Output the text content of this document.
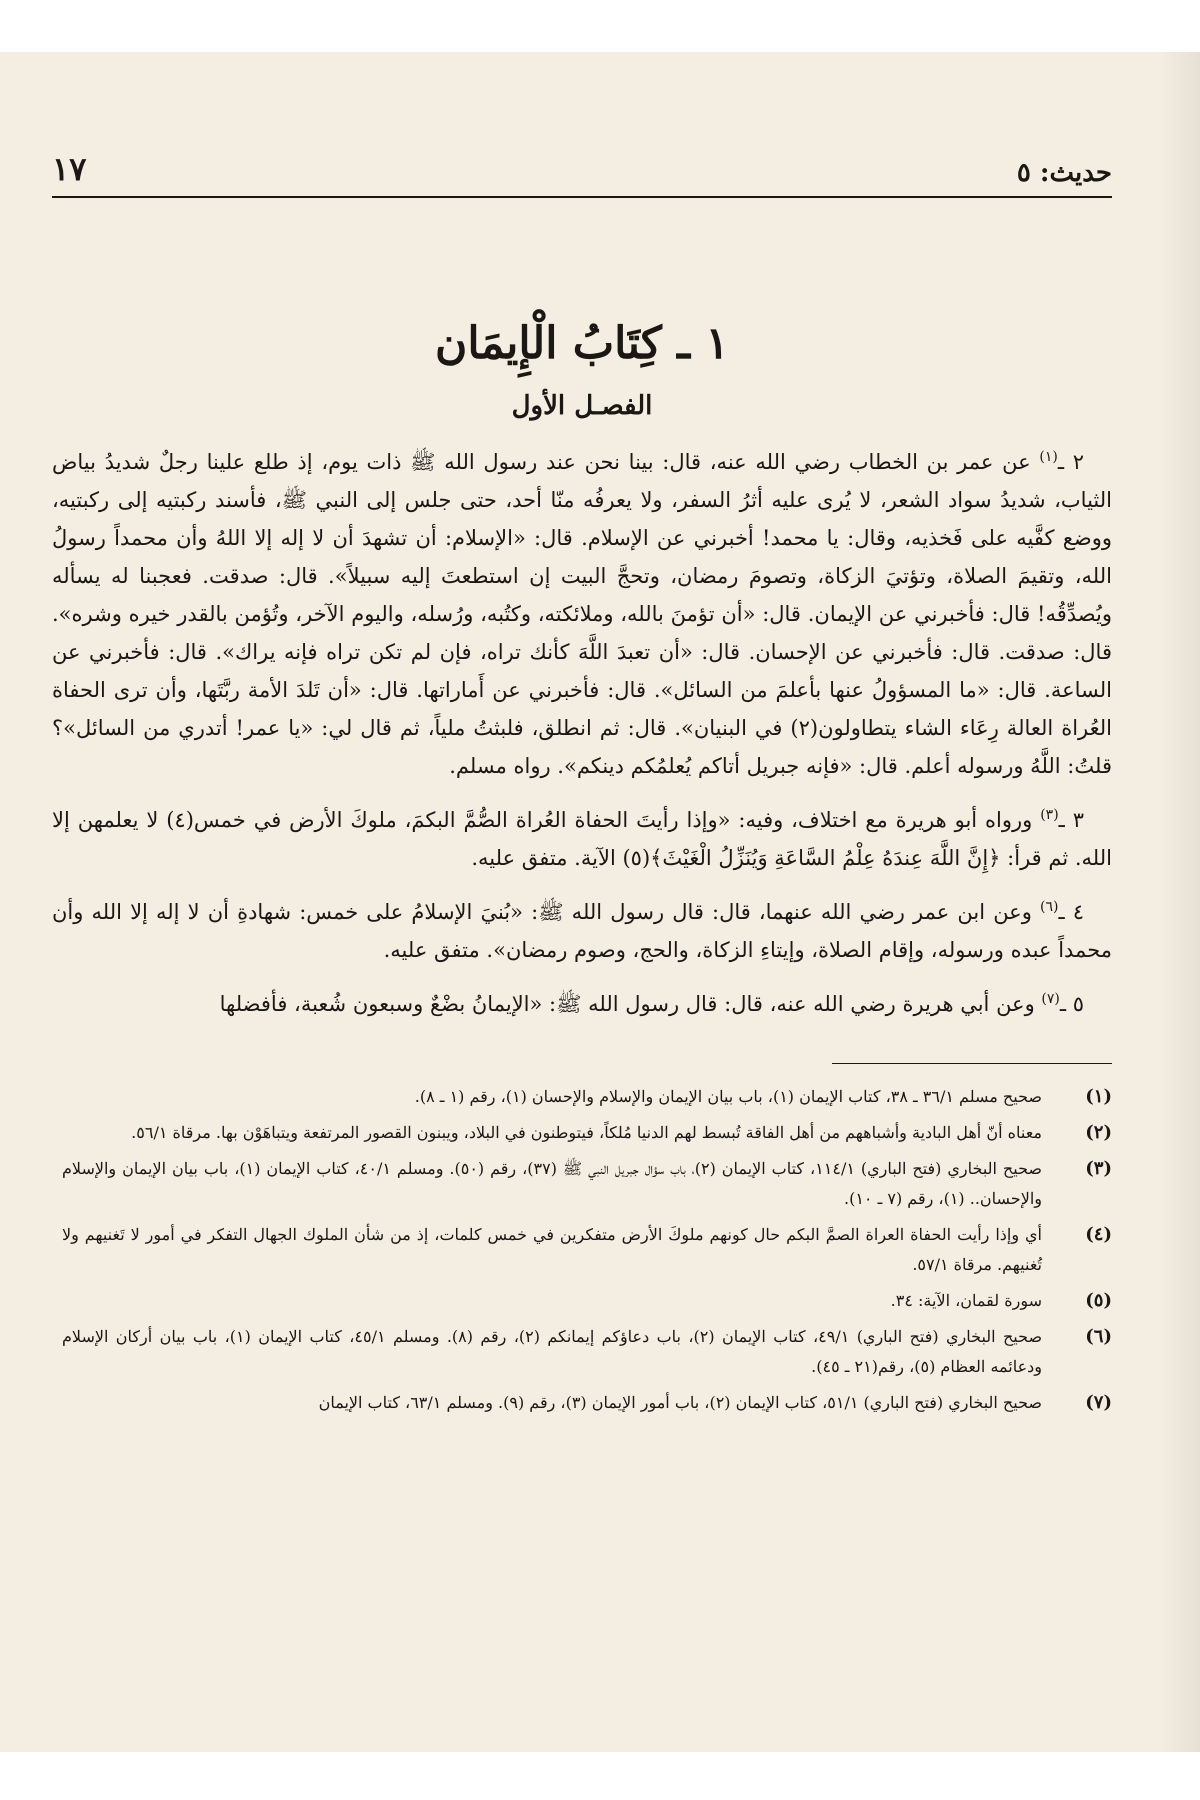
حديث: ٥
١٧
١ ـ كِتَابُ الْإِيمَان
الفصـل الأول

٢ ـ$^{(١)}$ عن عمر بن الخطاب رضي الله عنه، قال: بينا نحن عند رسول الله ﷺ ذات يوم، إذ طلع علينا رجلٌ شديدُ بياض الثياب، شديدُ سواد الشعر، لا يُرى عليه أثرُ السفر، ولا يعرفُه منّا أحد، حتى جلس إلى النبي ﷺ، فأسند ركبتيه إلى ركبتيه، ووضع كفَّيه على فَخذيه، وقال: يا محمد! أخبرني عن الإسلام. قال: «الإسلام: أن تشهدَ أن لا إله إلا اللهُ وأن محمداً رسولُ الله، وتقيمَ الصلاة، وتؤتيَ الزكاة، وتصومَ رمضان، وتحجَّ البيت إن استطعتَ إليه سبيلاً». قال: صدقت. فعجبنا له يسأله ويُصدِّقُه! قال: فأخبرني عن الإيمان. قال: «أن تؤمنَ بالله، وملائكته، وكتُبه، ورُسله، واليوم الآخر، وتُؤمن بالقدر خيره وشره». قال: صدقت. قال: فأخبرني عن الإحسان. قال: «أن تعبدَ اللَّهَ كأنك تراه، فإن لم تكن تراه فإنه يراك». قال: فأخبرني عن الساعة. قال: «ما المسؤولُ عنها بأعلمَ من السائل». قال: فأخبرني عن أَماراتها. قال: «أن تَلدَ الأمة ربَّتَها، وأن ترى الحفاة العُراة العالة رِعَاء الشاء يتطاولون(٢) في البنيان». قال: ثم انطلق، فلبثتُ ملياً، ثم قال لي: «يا عمر! أتدري من السائل»؟ قلتُ: اللَّهُ ورسوله أعلم. قال: «فإنه جبريل أتاكم يُعلمُكم دينكم». رواه مسلم.

٣ ـ$^{(٣)}$ ورواه أبو هريرة مع اختلاف، وفيه: «وإذا رأيتَ الحفاة العُراة الصُّمَّ البكمَ، ملوكَ الأرض في خمس(٤) لا يعلمهن إلا الله. ثم قرأ: ﴿إِنَّ اللَّهَ عِندَهُ عِلْمُ السَّاعَةِ وَيُنَزِّلُ الْغَيْثَ﴾(٥) الآية. متفق عليه.

٤ ـ$^{(٦)}$ وعن ابن عمر رضي الله عنهما، قال: قال رسول الله ﷺ: «بُنيَ الإسلامُ على خمس: شهادةِ أن لا إله إلا الله وأن محمداً عبده ورسوله، وإقام الصلاة، وإيتاءِ الزكاة، والحج، وصوم رمضان». متفق عليه.

٥ ـ$^{(٧)}$ وعن أبي هريرة رضي الله عنه، قال: قال رسول الله ﷺ: «الإيمانُ بضْعٌ وسبعون شُعبة، فأفضلها

(١)
صحيح مسلم ٣٦/١ ـ ٣٨، كتاب الإيمان (١)، باب بيان الإيمان والإسلام والإحسان (١)، رقم (١ ـ ٨).
(٢)
معناه أنّ أهل البادية وأشباههم من أهل الفاقة تُبسط لهم الدنيا مُلكاً، فيتوطنون في البلاد، ويبنون القصور المرتفعة ويتباهَوْن بها. مرقاة ٥٦/١.
(٣)
صحيح البخاري (فتح الباري) ١١٤/١، كتاب الإيمان (٢)، باب سؤال جبريل النبي ﷺ (٣٧)، رقم (٥٠). ومسلم ٤٠/١، كتاب الإيمان (١)، باب بيان الإيمان والإسلام والإحسان.. (١)، رقم (٧ ـ ١٠).
(٤)
أي وإذا رأيت الحفاة العراة الصمَّ البكم حال كونهم ملوكَ الأرض متفكرين في خمس كلمات، إذ من شأن الملوك الجهال التفكر في أمور لا تَغنيهم ولا تُغنيهم. مرقاة ٥٧/١.
(٥)
سورة لقمان، الآية: ٣٤.
(٦)
صحيح البخاري (فتح الباري) ٤٩/١، كتاب الإيمان (٢)، باب دعاؤكم إيمانكم (٢)، رقم (٨). ومسلم ٤٥/١، كتاب الإيمان (١)، باب بيان أركان الإسلام ودعائمه العظام (٥)، رقم(٢١ ـ ٤٥).
(٧)
صحيح البخاري (فتح الباري) ٥١/١، كتاب الإيمان (٢)، باب أمور الإيمان (٣)، رقم (٩). ومسلم ٦٣/١، كتاب الإيمان
